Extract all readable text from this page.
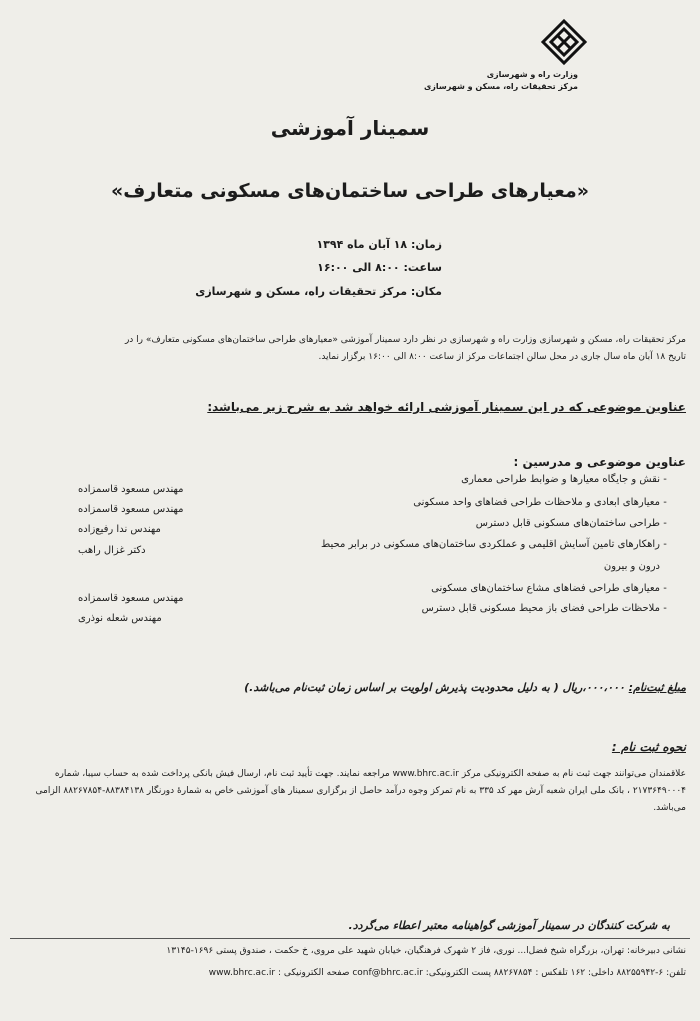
وزارت راه و شهرسازی
مرکز تحقیقات راه، مسکن و شهرسازی
سمینار آموزشی
«معیارهای طراحی ساختمان‌های مسکونی متعارف»
زمان: ۱۸ آبان ماه ۱۳۹۴
ساعت: ۸:۰۰ الی ۱۶:۰۰
مکان: مرکز تحقیقات راه، مسکن و شهرسازی
مرکز تحقیقات راه، مسکن و شهرسازی وزارت راه و شهرسازی در نظر دارد سمینار آموزشی «معیارهای طراحی ساختمان‌های مسکونی متعارف» را در
تاریخ ۱۸ آبان ماه سال جاری در محل سالن اجتماعات مرکز از ساعت ۸:۰۰ الی ۱۶:۰۰ برگزار نماید.
عناوین موضوعی که در این سمینار آموزشی ارائه خواهد شد به شرح زیر می‌باشد:
عناوین موضوعی و مدرسین :
-نقش و جایگاه معیارها و ضوابط طراحی معماری
-معیارهای ابعادی و ملاحظات طراحی فضاهای واحد مسکونی
-طراحی ساختمان‌های مسکونی قابل دسترس
-راهکارهای تامین آسایش اقلیمی و عملکردی ساختمان‌های مسکونی در برابر محیط
درون و بیرون
-معیارهای طراحی فضاهای مشاع ساختمان‌های مسکونی
-ملاحظات طراحی فضای باز محیط مسکونی قابل دسترس
مهندس مسعود قاسمزاده
مهندس مسعود قاسمزاده
مهندس ندا رفیع‌زاده
دکتر غزال راهب
مهندس مسعود قاسمزاده
مهندس شعله نوذری
مبلغ ثبت‌نام: ۰۰۰،۰۰۰،ریال ( به دلیل محدودیت پذیرش اولویت بر اساس زمان ثبت‌نام می‌باشد.)
نحوه ثبت نام :
علاقمندان می‌توانند جهت ثبت نام به صفحه الکترونیکی مرکز www.bhrc.ac.ir مراجعه نمایند. جهت تأیید ثبت نام، ارسال فیش بانکی پرداخت شده به حساب سیبا، شماره
۲۱۷۳۶۴۹۰۰۰۴ ، بانک ملی ایران شعبه آرش مهر کد ۳۳۵ به نام تمرکز وجوه درآمد حاصل از برگزاری سمینار های آموزشی خاص به شمارهٔ دورنگار ۸۸۳۸۴۱۳۸-۸۸۲۶۷۸۵۴ الزامی
می‌باشد.
به شرکت کنندگان در سمینار آموزشی گواهینامه معتبر اعطاء می‌گردد.
نشانی دبیرخانه: تهران، بزرگراه شیخ فضل‌ا... نوری، فاز ۲ شهرک فرهنگیان، خیابان شهید علی مروی، خ حکمت ، صندوق پستی ۱۶۹۶-۱۳۱۴۵
تلفن: ۶-۸۸۲۵۵۹۴۲ داخلی: ۱۶۲ تلفکس : ۸۸۲۶۷۸۵۴ پست الکترونیکی: conf@bhrc.ac.ir صفحه الکترونیکی : www.bhrc.ac.ir
